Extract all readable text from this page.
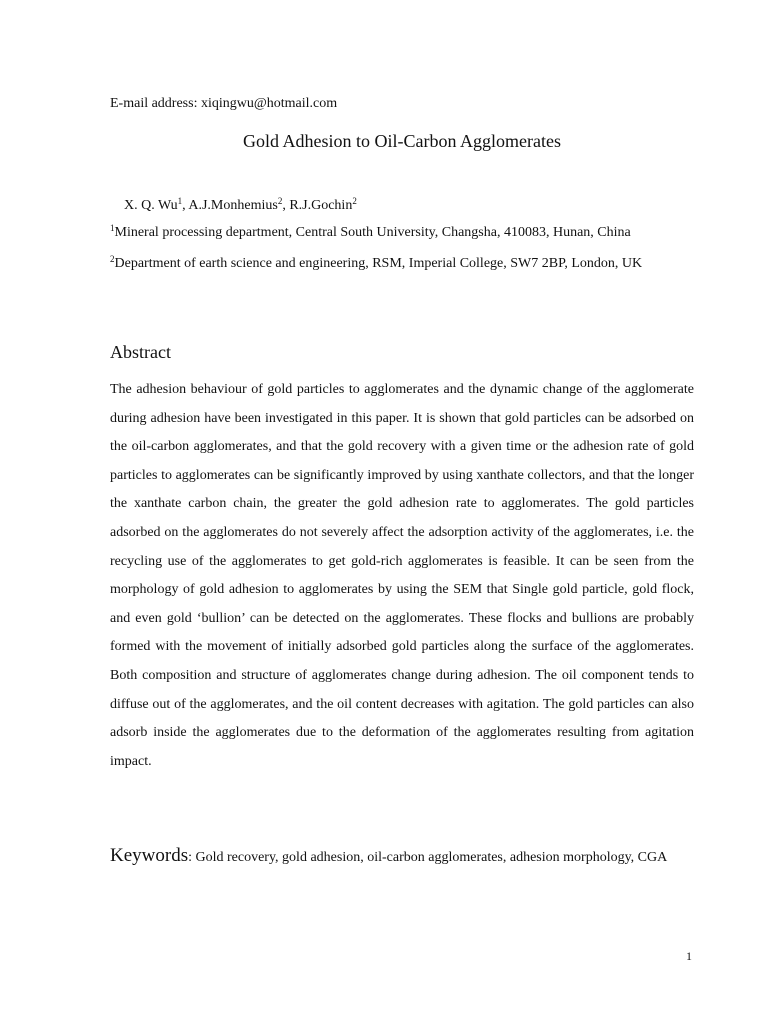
E-mail address: xiqingwu@hotmail.com
Gold Adhesion to Oil-Carbon Agglomerates
X. Q. Wu$^1$, A.J.Monhemius$^2$, R.J.Gochin$^2$
$^1$Mineral processing department, Central South University, Changsha, 410083, Hunan, China
$^2$Department of earth science and engineering, RSM, Imperial College, SW7 2BP, London, UK
Abstract
The adhesion behaviour of gold particles to agglomerates and the dynamic change of the agglomerate during adhesion have been investigated in this paper. It is shown that gold particles can be adsorbed on the oil-carbon agglomerates, and that the gold recovery with a given time or the adhesion rate of gold particles to agglomerates can be significantly improved by using xanthate collectors, and that the longer the xanthate carbon chain, the greater the gold adhesion rate to agglomerates. The gold particles adsorbed on the agglomerates do not severely affect the adsorption activity of the agglomerates, i.e. the recycling use of the agglomerates to get gold-rich agglomerates is feasible. It can be seen from the morphology of gold adhesion to agglomerates by using the SEM that Single gold particle, gold flock, and even gold ‘bullion’ can be detected on the agglomerates. These flocks and bullions are probably formed with the movement of initially adsorbed gold particles along the surface of the agglomerates. Both composition and structure of agglomerates change during adhesion. The oil component tends to diffuse out of the agglomerates, and the oil content decreases with agitation. The gold particles can also adsorb inside the agglomerates due to the deformation of the agglomerates resulting from agitation impact.
Keywords: Gold recovery, gold adhesion, oil-carbon agglomerates, adhesion morphology, CGA
1
